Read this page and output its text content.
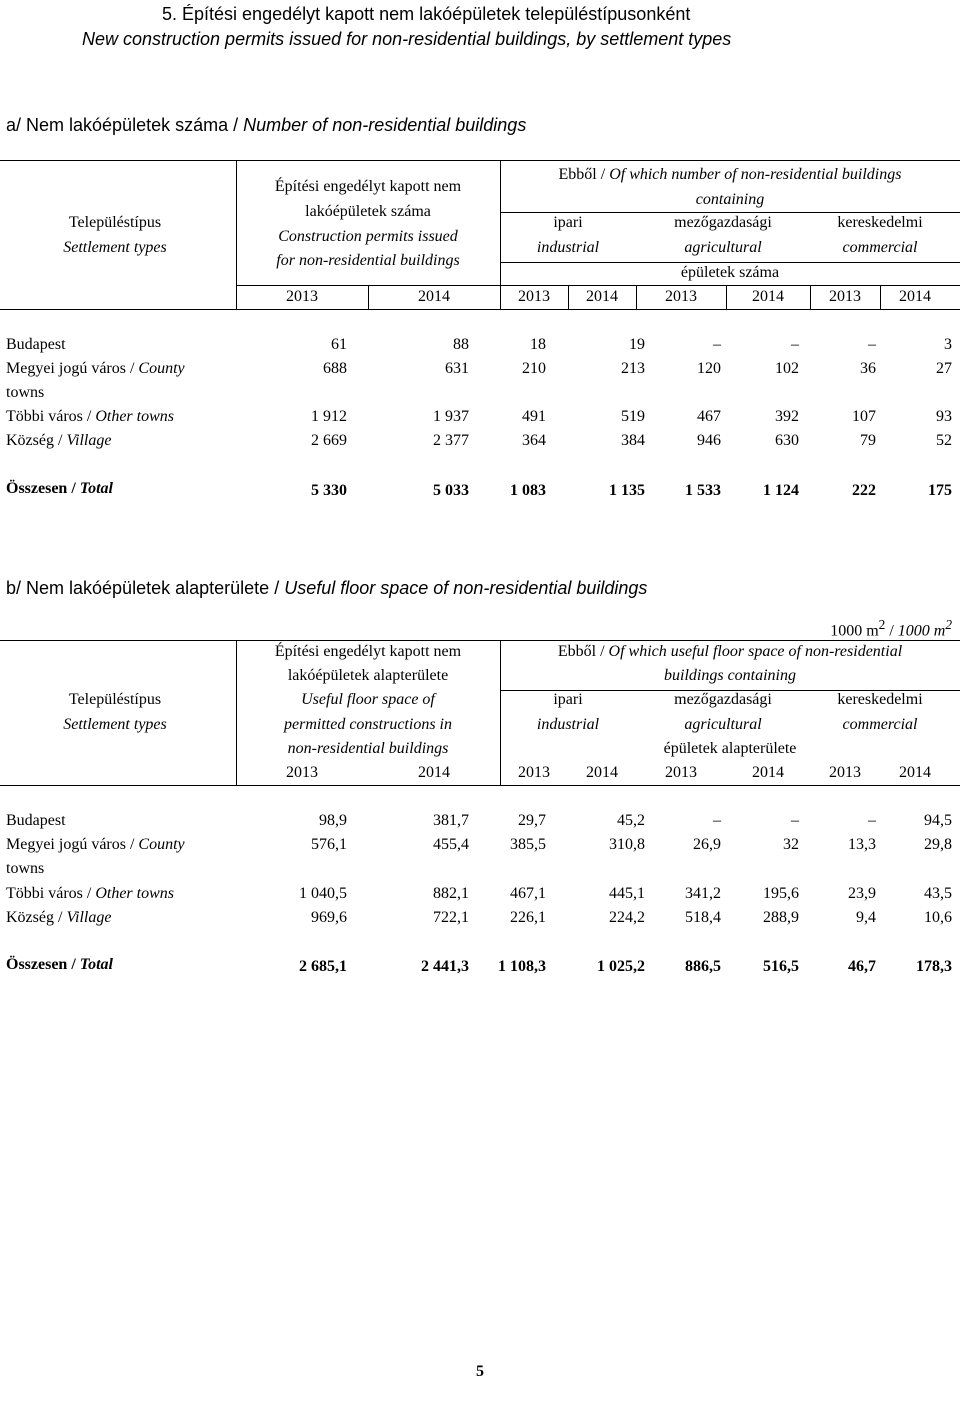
5. Építési engedélyt kapott nem lakóépületek településtípusonként
New construction permits issued for non-residential buildings, by settlement types
a/ Nem lakóépületek száma / Number of non-residential buildings
Településtípus
Settlement types
Építési engedélyt kapott nem
lakóépületek száma
Construction permits issued
for non-residential buildings
Ebből / Of which number of non-residential buildings
containing
ipari
industrial
mezőgazdasági
agricultural
kereskedelmi
commercial
épületek száma
2013	2014	2013	2014	2013	2014	2013	2014
Budapest	61	88	18	19	–	–	–	3
Megyei jogú város / County
towns
688	631	210	213	120	102	36	27
Többi város / Other towns	1 912	1 937	491	519	467	392	107	93
Község / Village	2 669	2 377	364	384	946	630	79	52
Összesen / Total	5 330	5 033	1 083	1 135	1 533	1 124	222	175
b/ Nem lakóépületek alapterülete / Useful floor space of non-residential buildings
1000 $m^2 / 1000$ $m^2$
Településtípus
Settlement types
Építési engedélyt kapott nem
lakóépületek alapterülete
Useful floor space of
permitted constructions in
non-residential buildings
Ebből / Of which useful floor space of non-residential
buildings containing
ipari
industrial
mezőgazdasági
agricultural
kereskedelmi
commercial
épületek alapterülete
2013	2014	2013	2014	2013	2014	2013	2014
Budapest	98,9	381,7	29,7	45,2	–	–	–	94,5
Megyei jogú város / County
towns
576,1	455,4	385,5	310,8	26,9	32	13,3	29,8
Többi város / Other towns	1 040,5	882,1	467,1	445,1	341,2	195,6	23,9	43,5
Község / Village	969,6	722,1	226,1	224,2	518,4	288,9	9,4	10,6
Összesen / Total	2 685,1	2 441,3	1 108,3	1 025,2	886,5	516,5	46,7	178,3
5
